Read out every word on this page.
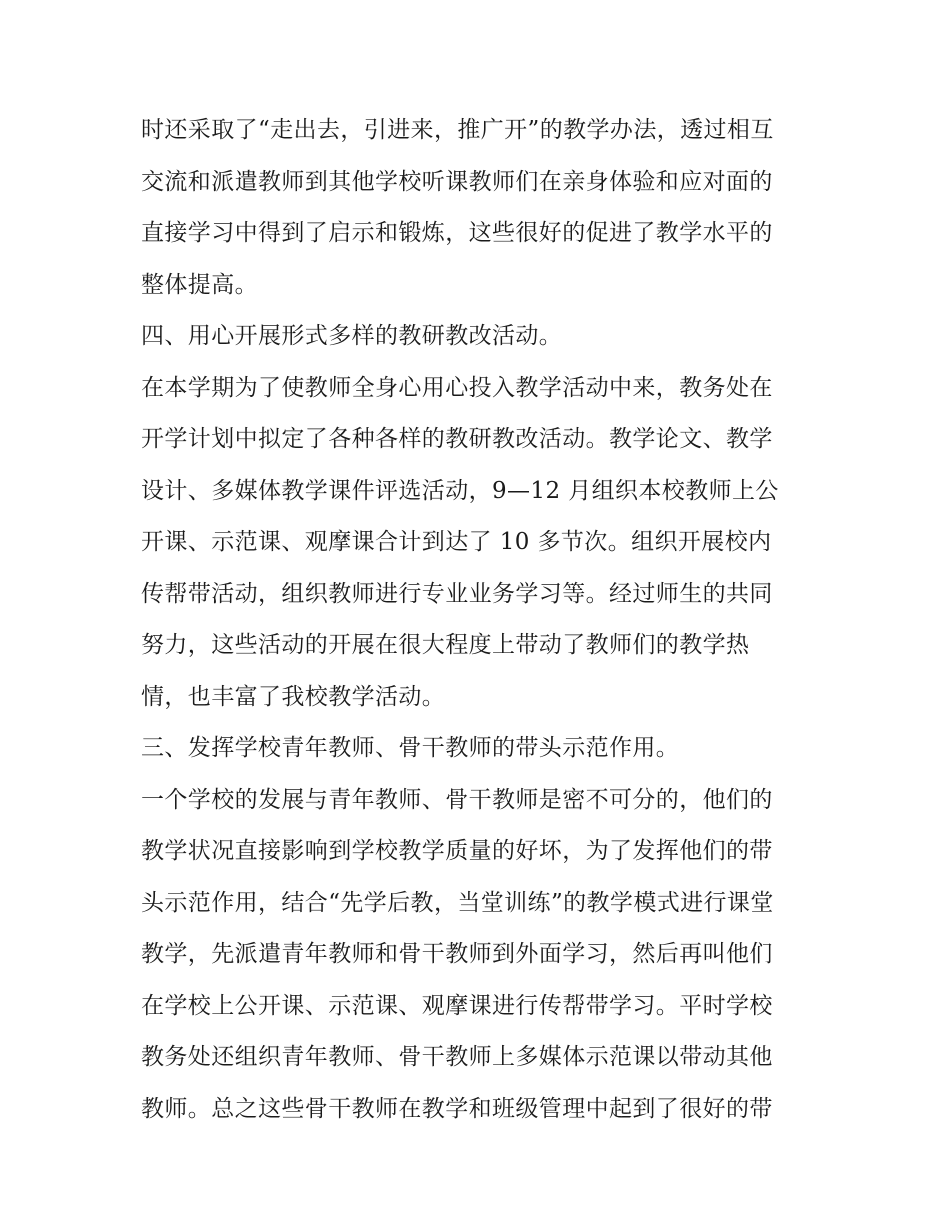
时还采取了“走出去，引进来，推广开”的教学办法，透过相互
交流和派遣教师到其他学校听课教师们在亲身体验和应对面的
直接学习中得到了启示和锻炼，这些很好的促进了教学水平的
整体提高。
四、用心开展形式多样的教研教改活动。
在本学期为了使教师全身心用心投入教学活动中来，教务处在
开学计划中拟定了各种各样的教研教改活动。教学论文、教学
设计、多媒体教学课件评选活动，9—12 月组织本校教师上公
开课、示范课、观摩课合计到达了 10 多节次。组织开展校内
传帮带活动，组织教师进行专业业务学习等。经过师生的共同
努力，这些活动的开展在很大程度上带动了教师们的教学热
情，也丰富了我校教学活动。
三、发挥学校青年教师、骨干教师的带头示范作用。
一个学校的发展与青年教师、骨干教师是密不可分的，他们的
教学状况直接影响到学校教学质量的好坏，为了发挥他们的带
头示范作用，结合“先学后教，当堂训练”的教学模式进行课堂
教学，先派遣青年教师和骨干教师到外面学习，然后再叫他们
在学校上公开课、示范课、观摩课进行传帮带学习。平时学校
教务处还组织青年教师、骨干教师上多媒体示范课以带动其他
教师。总之这些骨干教师在教学和班级管理中起到了很好的带
